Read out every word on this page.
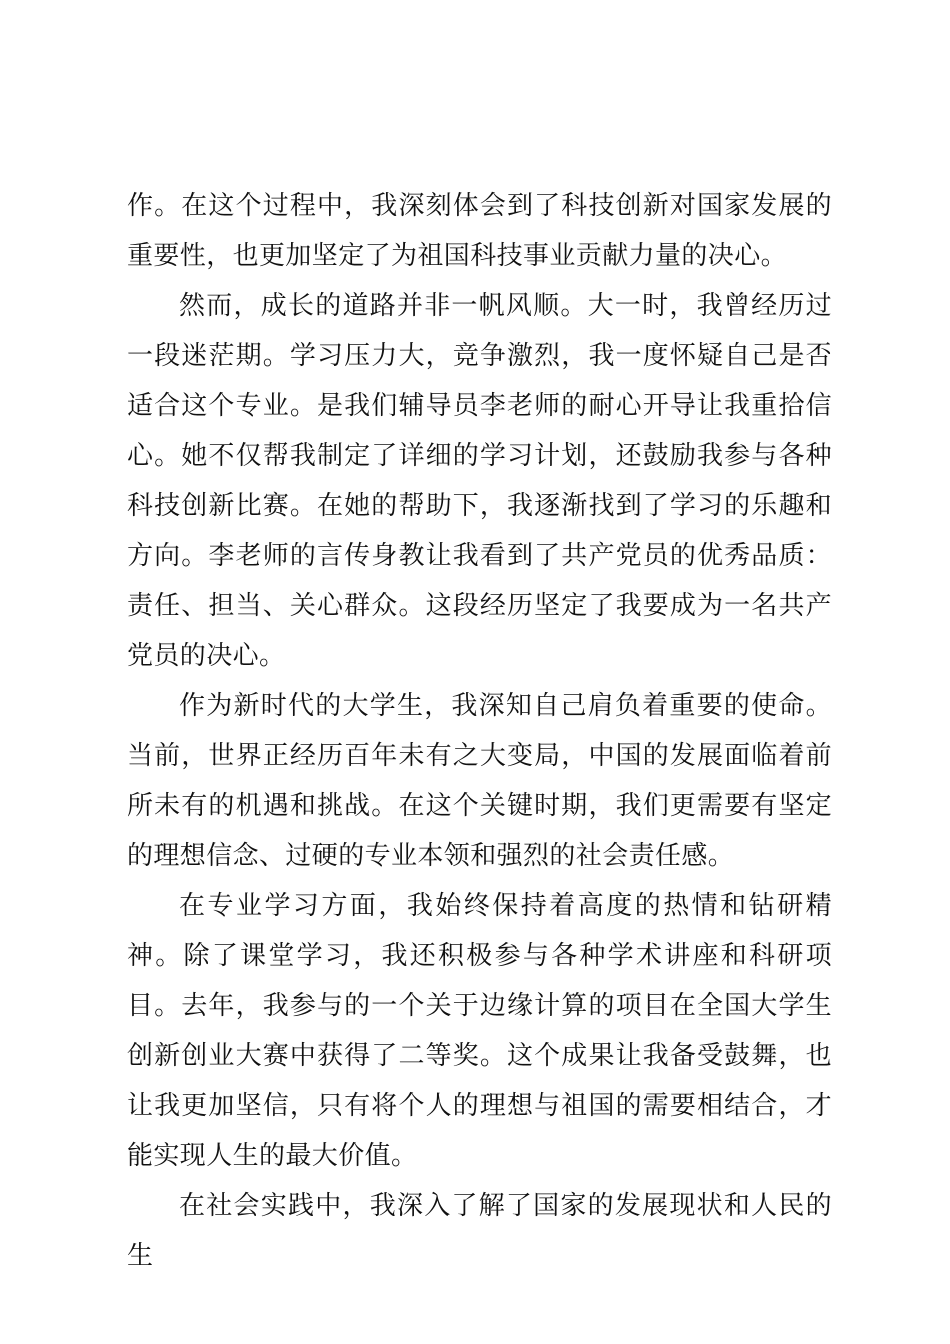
作。在这个过程中，我深刻体会到了科技创新对国家发展的重要性，也更加坚定了为祖国科技事业贡献力量的决心。

然而，成长的道路并非一帆风顺。大一时，我曾经历过一段迷茫期。学习压力大，竞争激烈，我一度怀疑自己是否适合这个专业。是我们辅导员李老师的耐心开导让我重拾信心。她不仅帮我制定了详细的学习计划，还鼓励我参与各种科技创新比赛。在她的帮助下，我逐渐找到了学习的乐趣和方向。李老师的言传身教让我看到了共产党员的优秀品质：责任、担当、关心群众。这段经历坚定了我要成为一名共产党员的决心。

作为新时代的大学生，我深知自己肩负着重要的使命。当前，世界正经历百年未有之大变局，中国的发展面临着前所未有的机遇和挑战。在这个关键时期，我们更需要有坚定的理想信念、过硬的专业本领和强烈的社会责任感。

在专业学习方面，我始终保持着高度的热情和钻研精神。除了课堂学习，我还积极参与各种学术讲座和科研项目。去年，我参与的一个关于边缘计算的项目在全国大学生创新创业大赛中获得了二等奖。这个成果让我备受鼓舞，也让我更加坚信，只有将个人的理想与祖国的需要相结合，才能实现人生的最大价值。

在社会实践中，我深入了解了国家的发展现状和人民的生
